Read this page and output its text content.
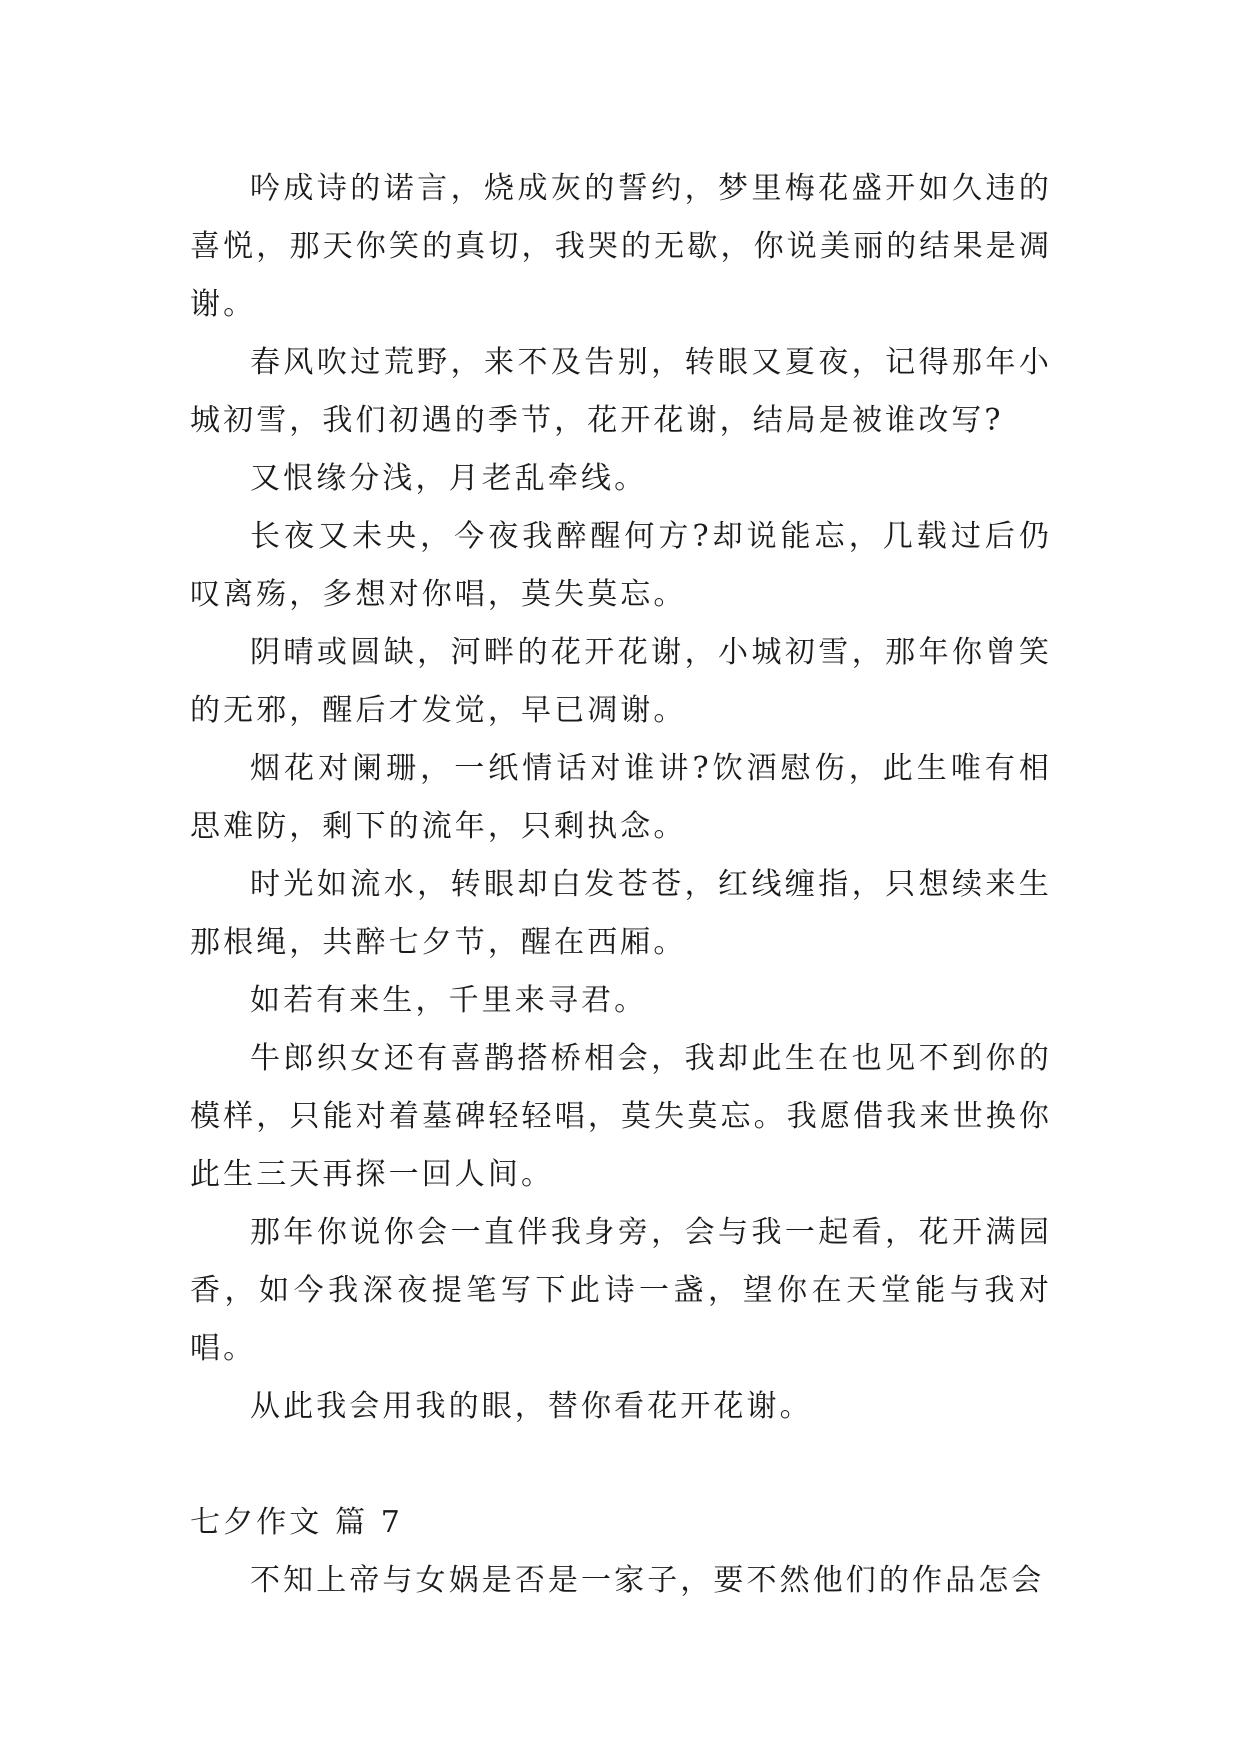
吟成诗的诺言，烧成灰的誓约，梦里梅花盛开如久违的喜悦，那天你笑的真切，我哭的无歇，你说美丽的结果是凋谢。

春风吹过荒野，来不及告别，转眼又夏夜，记得那年小城初雪，我们初遇的季节，花开花谢，结局是被谁改写?

又恨缘分浅，月老乱牵线。

长夜又未央，今夜我醉醒何方?却说能忘，几载过后仍叹离殇，多想对你唱，莫失莫忘。

阴晴或圆缺，河畔的花开花谢，小城初雪，那年你曾笑的无邪，醒后才发觉，早已凋谢。

烟花对阑珊，一纸情话对谁讲?饮酒慰伤，此生唯有相思难防，剩下的流年，只剩执念。

时光如流水，转眼却白发苍苍，红线缠指，只想续来生那根绳，共醉七夕节，醒在西厢。

如若有来生，千里来寻君。

牛郎织女还有喜鹊搭桥相会，我却此生在也见不到你的模样，只能对着墓碑轻轻唱，莫失莫忘。我愿借我来世换你此生三天再探一回人间。

那年你说你会一直伴我身旁，会与我一起看，花开满园香，如今我深夜提笔写下此诗一盏，望你在天堂能与我对唱。

从此我会用我的眼，替你看花开花谢。

七夕作文 篇 7

不知上帝与女娲是否是一家子，要不然他们的作品怎会
